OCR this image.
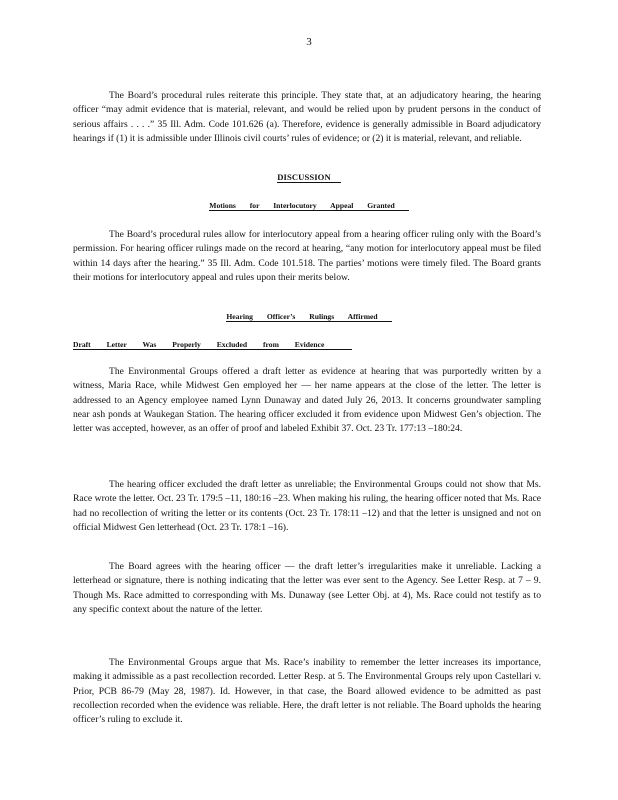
3

The Board’s procedural rules reiterate this principle. They state that, at an adjudicatory hearing, the hearing officer “may admit evidence that is material, relevant, and would be relied upon by prudent persons in the conduct of serious affairs . . . .” 35 Ill. Adm. Code 101.626 (a). Therefore, evidence is generally admissible in Board adjudicatory hearings if (1) it is admissible under Illinois civil courts’ rules of evidence; or (2) it is material, relevant, and reliable.

DISCUSSION
Motions for Interlocutory Appeal Granted

The Board’s procedural rules allow for interlocutory appeal from a hearing officer ruling only with the Board’s permission. For hearing officer rulings made on the record at hearing, “any motion for interlocutory appeal must be filed within 14 days after the hearing.” 35 Ill. Adm. Code 101.518. The parties’ motions were timely filed. The Board grants their motions for interlocutory appeal and rules upon their merits below.

Hearing Officer’s Rulings Affirmed
Draft Letter Was Properly Excluded from Evidence

The Environmental Groups offered a draft letter as evidence at hearing that was purportedly written by a witness, Maria Race, while Midwest Gen employed her — her name appears at the close of the letter. The letter is addressed to an Agency employee named Lynn Dunaway and dated July 26, 2013. It concerns groundwater sampling near ash ponds at Waukegan Station. The hearing officer excluded it from evidence upon Midwest Gen’s objection. The letter was accepted, however, as an offer of proof and labeled Exhibit 37. Oct. 23 Tr. 177:13 –180:24.

The hearing officer excluded the draft letter as unreliable; the Environmental Groups could not show that Ms. Race wrote the letter. Oct. 23 Tr. 179:5 –11, 180:16 –23. When making his ruling, the hearing officer noted that Ms. Race had no recollection of writing the letter or its contents (Oct. 23 Tr. 178:11 –12) and that the letter is unsigned and not on official Midwest Gen letterhead (Oct. 23 Tr. 178:1 –16).

The Board agrees with the hearing officer — the draft letter’s irregularities make it unreliable. Lacking a letterhead or signature, there is nothing indicating that the letter was ever sent to the Agency. See Letter Resp. at 7 – 9. Though Ms. Race admitted to corresponding with Ms. Dunaway (see Letter Obj. at 4), Ms. Race could not testify as to any specific context about the nature of the letter.

The Environmental Groups argue that Ms. Race’s inability to remember the letter increases its importance, making it admissible as a past recollection recorded. Letter Resp. at 5. The Environmental Groups rely upon Castellari v. Prior, PCB 86-79 (May 28, 1987). Id. However, in that case, the Board allowed evidence to be admitted as past recollection recorded when the evidence was reliable. Here, the draft letter is not reliable. The Board upholds the hearing officer’s ruling to exclude it.
